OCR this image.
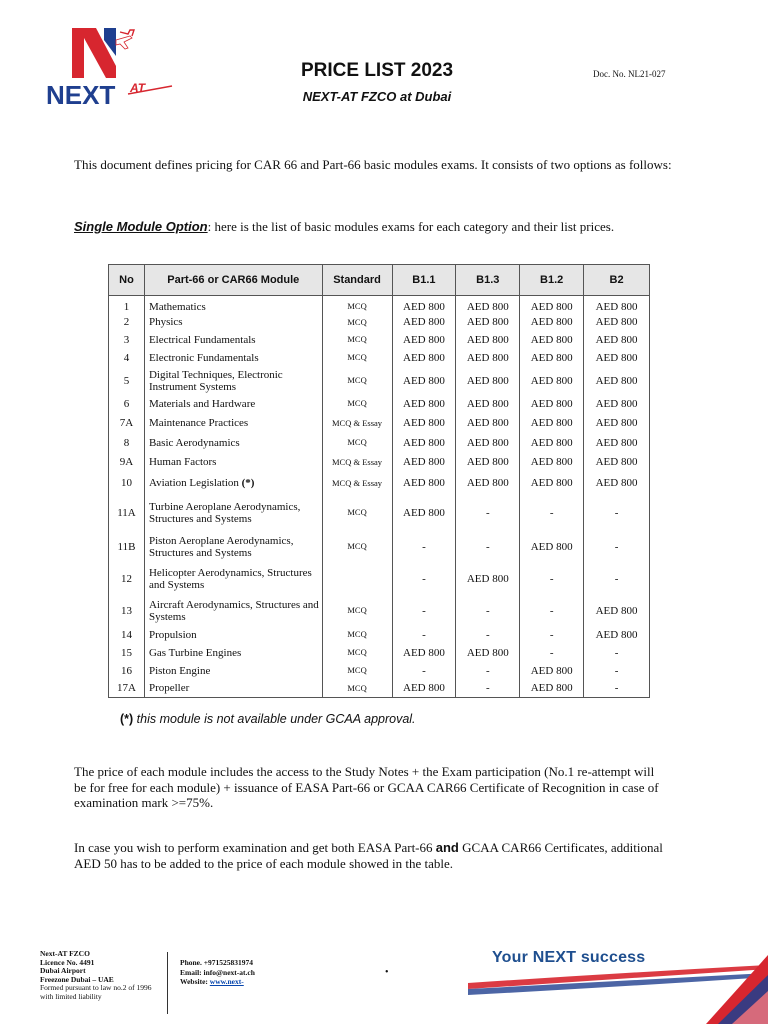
NEXT AT
PRICE LIST 2023
NEXT-AT FZCO at Dubai
Doc. No. NL21-027
This document defines pricing for CAR 66 and Part-66 basic modules exams. It consists of two options as follows:
Single Module Option: here is the list of basic modules exams for each category and their list prices.
No	Part-66 or CAR66 Module	Standard	B1.1	B1.3	B1.2	B2
1	Mathematics	MCQ	AED 800	AED 800	AED 800	AED 800
2	Physics	MCQ	AED 800	AED 800	AED 800	AED 800
3	Electrical Fundamentals	MCQ	AED 800	AED 800	AED 800	AED 800
4	Electronic Fundamentals	MCQ	AED 800	AED 800	AED 800	AED 800
5	Digital Techniques, Electronic Instrument Systems	MCQ	AED 800	AED 800	AED 800	AED 800
6	Materials and Hardware	MCQ	AED 800	AED 800	AED 800	AED 800
7A	Maintenance Practices	MCQ & Essay	AED 800	AED 800	AED 800	AED 800
8	Basic Aerodynamics	MCQ	AED 800	AED 800	AED 800	AED 800
9A	Human Factors	MCQ & Essay	AED 800	AED 800	AED 800	AED 800
10	Aviation Legislation (*)	MCQ & Essay	AED 800	AED 800	AED 800	AED 800
11A	Turbine Aeroplane Aerodynamics, Structures and Systems	MCQ	AED 800	-	-	-
11B	Piston Aeroplane Aerodynamics, Structures and Systems	MCQ	-	-	AED 800	-
12	Helicopter Aerodynamics, Structures and Systems		-	AED 800	-	-
13	Aircraft Aerodynamics, Structures and Systems	MCQ	-	-	-	AED 800
14	Propulsion	MCQ	-	-	-	AED 800
15	Gas Turbine Engines	MCQ	AED 800	AED 800	-	-
16	Piston Engine	MCQ	-	-	AED 800	-
17A	Propeller	MCQ	AED 800	-	AED 800	-
(*) this module is not available under GCAA approval.
The price of each module includes the access to the Study Notes + the Exam participation (No.1 re-attempt will be for free for each module) + issuance of EASA Part-66 or GCAA CAR66 Certificate of Recognition in case of examination mark >=75%.
In case you wish to perform examination and get both EASA Part-66 and GCAA CAR66 Certificates, additional AED 50 has to be added to the price of each module showed in the table.
Next-AT FZCO
Licence No. 4491
Dubai Airport
Freezone Dubai – UAE
Formed pursuant to law no.2 of 1996 with limited liability
Phone. +971525831974
Email: info@next-at.ch
Website: www.next-
•
Your NEXT success
